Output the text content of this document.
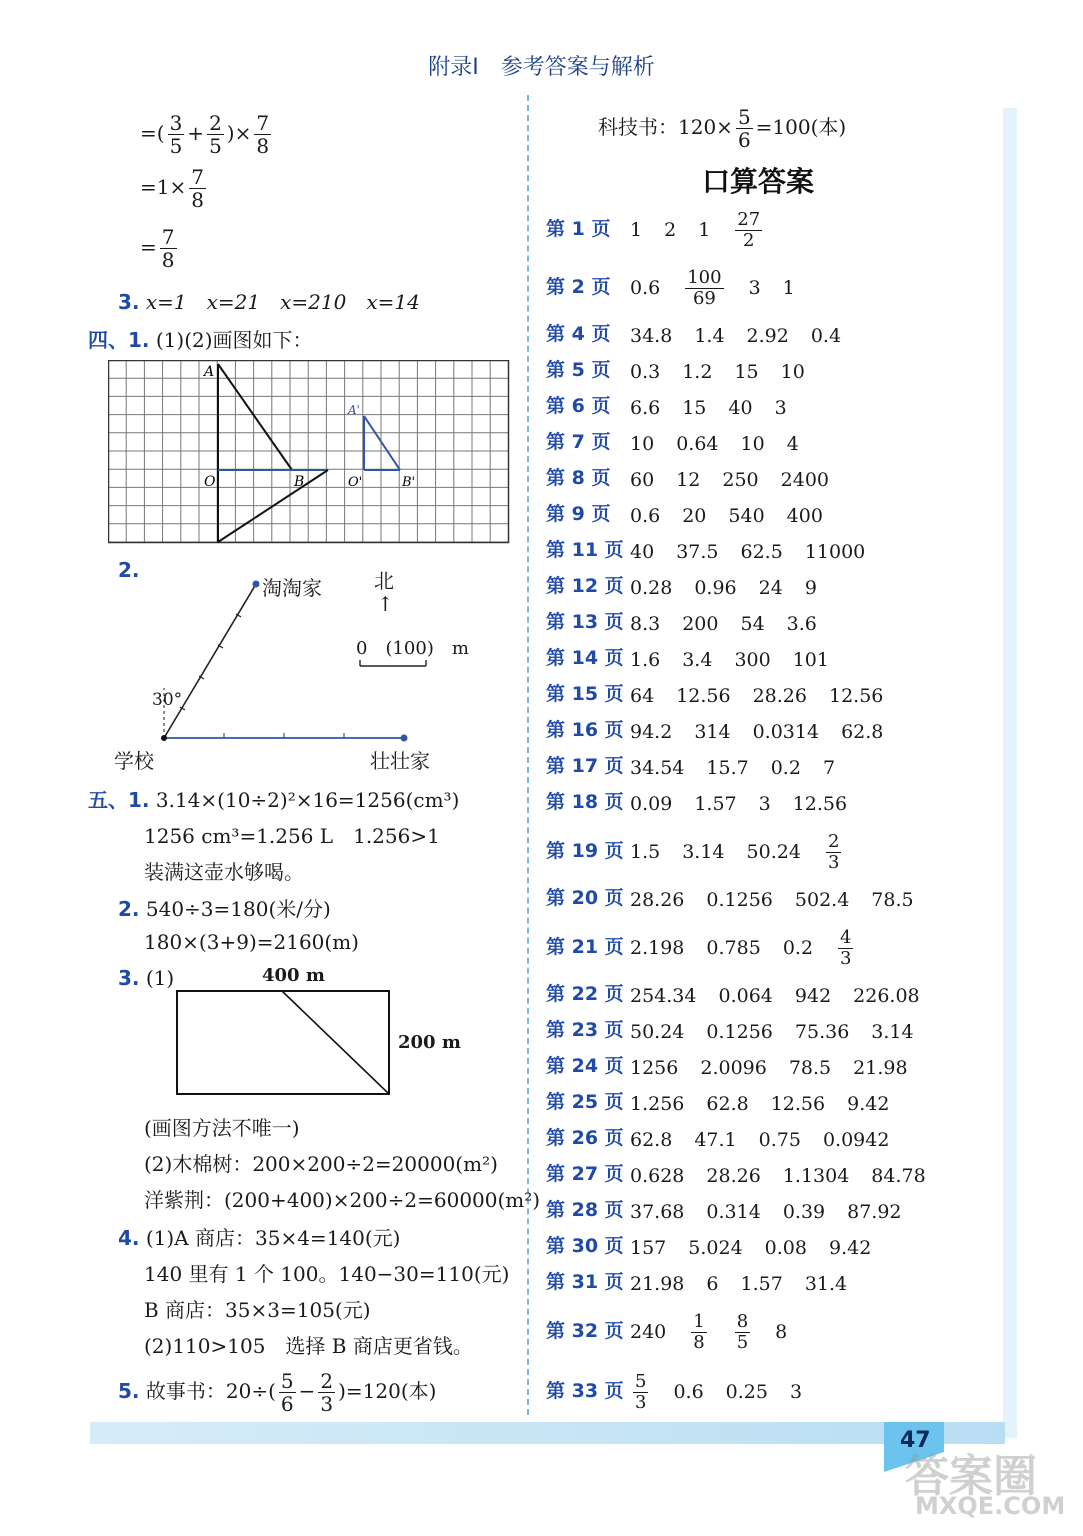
附录Ⅰ　参考答案与解析
=( $\frac{3}{5} + \frac{2}{5}$ )× $\frac{7}{8}$
$=1\times \frac{7}{8}$
= $\frac{7}{8}$
3. x=1　x=21　x=210　x=14
四、1. (1)(2)画图如下：
A
O	B
A'
O'	B'
2.
淘淘家
壮壮家
学校
30°
北
↑
0　(100)　m
五、1. 3.14×(10÷2)²×16=1256(cm³)
1256 cm³=1.256 L　1.256>1
装满这壶水够喝。
2. 540÷3=180(米/分)
180×(3+9)=2160(m)
3. (1)	400 m
200 m
(画图方法不唯一)
(2)木棉树：200×200÷2=20000(m²)
洋紫荆：(200+400)×200÷2=60000(m²)
4. (1)A 商店：35×4=140(元)
140 里有 1 个 100。140−30=110(元)
B 商店：35×3=105(元)
(2)110>105　选择 B 商店更省钱。
5. 故事书：$20\div( \frac{5}{6} - \frac{2}{3} )=120$(本)
科技书：$120\times \frac{5}{6} =100$(本)
口算答案
第 1 页 1 2 $1 \frac{27}{2}$
第 2 页 $0.6 \frac{100}{69} 3$ 1
第 4 页 34.8 1.4 2.92 0.4
第 5 页 0.3 1.2 15 10
第 6 页 6.6 15 40 3
第 7 页 10 0.64 10 4
第 8 页 60 12 250 2400
第 9 页 0.6 20 540 400
第 11 页 40 37.5 62.5 11000
第 12 页 0.28 0.96 24 9
第 13 页 8.3 200 54 3.6
第 14 页 1.6 3.4 300 101
第 15 页 64 12.56 28.26 12.56
第 16 页 94.2 314 0.0314 62.8
第 17 页 34.54 15.7 0.2 7
第 18 页 0.09 1.57 3 12.56
第 19 页 1.5 3.14 $50.24 \frac{2}{3}$
第 20 页 28.26 0.1256 502.4 78.5
第 21 页 2.198 0.785 $0.2 \frac{4}{3}$
第 22 页 254.34 0.064 942 226.08
第 23 页 50.24 0.1256 75.36 3.14
第 24 页 1256 2.0096 78.5 21.98
第 25 页 1.256 62.8 12.56 9.42
第 26 页 62.8 47.1 0.75 0.0942
第 27 页 0.628 28.26 1.1304 84.78
第 28 页 37.68 0.314 0.39 87.92
第 30 页 157 5.024 0.08 9.42
第 31 页 21.98 6 1.57 31.4
第 32 页 $240 \frac{1}{8} \frac{8}{5} 8$
第 33 页 $\frac{5}{3} 0.6$ 0.25 3
47
答案圈
MXQE.COM
